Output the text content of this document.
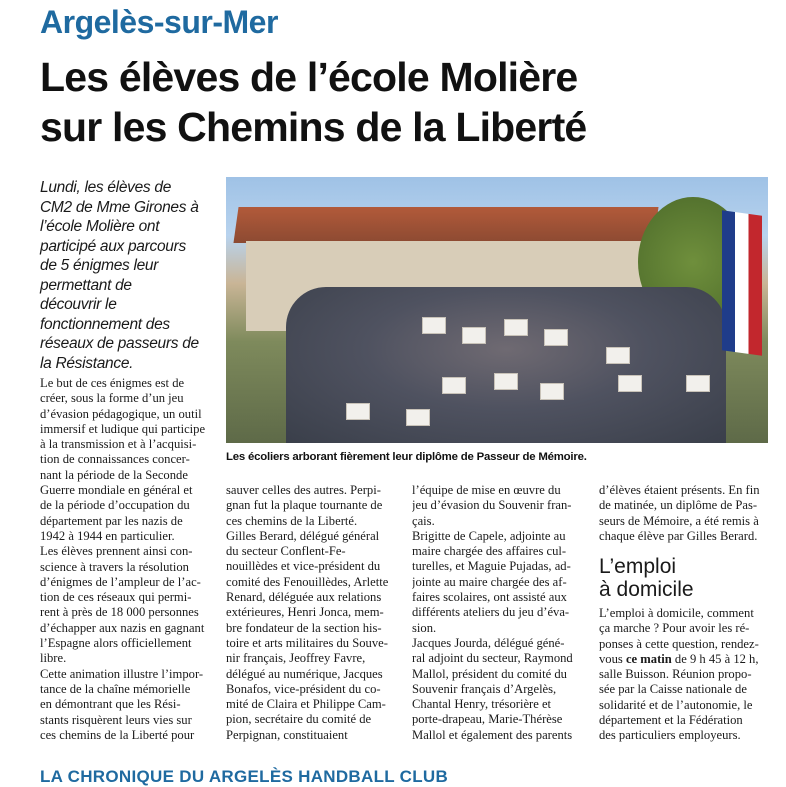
Argelès-sur-Mer
Les élèves de l’école Molière
sur les Chemins de la Liberté
Lundi, les élèves de
CM2 de Mme Girones à
l’école Molière ont
participé aux parcours
de 5 énigmes leur
permettant de
découvrir le
fonctionnement des
réseaux de passeurs de
la Résistance.
Le but de ces énigmes est de
créer, sous la forme d’un jeu
d’évasion pédagogique, un outil
immersif et ludique qui participe
à la transmission et à l’acquisi-
tion de connaissances concer-
nant la période de la Seconde
Guerre mondiale en général et
de la période d’occupation du
département par les nazis de
1942 à 1944 en particulier.
Les élèves prennent ainsi con-
science à travers la résolution
d’énigmes de l’ampleur de l’ac-
tion de ces réseaux qui permi-
rent à près de 18 000 personnes
d’échapper aux nazis en gagnant
l’Espagne alors officiellement
libre.
Cette animation illustre l’impor-
tance de la chaîne mémorielle
en démontrant que les Rési-
stants risquèrent leurs vies sur
ces chemins de la Liberté pour
Les écoliers arborant fièrement leur diplôme de Passeur de Mémoire.
sauver celles des autres. Perpi-
gnan fut la plaque tournante de
ces chemins de la Liberté.
Gilles Berard, délégué général
du secteur Conflent-Fe-
nouillèdes et vice-président du
comité des Fenouillèdes, Arlette
Renard, déléguée aux relations
extérieures, Henri Jonca, mem-
bre fondateur de la section his-
toire et arts militaires du Souve-
nir français, Jeoffrey Favre,
délégué au numérique, Jacques
Bonafos, vice-président du co-
mité de Claira et Philippe Cam-
pion, secrétaire du comité de
Perpignan, constituaient
l’équipe de mise en œuvre du
jeu d’évasion du Souvenir fran-
çais.
Brigitte de Capele, adjointe au
maire chargée des affaires cul-
turelles, et Maguie Pujadas, ad-
jointe au maire chargée des af-
faires scolaires, ont assisté aux
différents ateliers du jeu d’éva-
sion.
Jacques Jourda, délégué géné-
ral adjoint du secteur, Raymond
Mallol, président du comité du
Souvenir français d’Argelès,
Chantal Henry, trésorière et
porte-drapeau, Marie-Thérèse
Mallol et également des parents
d’élèves étaient présents. En fin
de matinée, un diplôme de Pas-
seurs de Mémoire, a été remis à
chaque élève par Gilles Berard.
L’emploi
à domicile
L’emploi à domicile, comment
ça marche ? Pour avoir les ré-
ponses à cette question, rendez-
vous ce matin de 9 h 45 à 12 h,
salle Buisson. Réunion propo-
sée par la Caisse nationale de
solidarité et de l’autonomie, le
département et la Fédération
des particuliers employeurs.
LA CHRONIQUE DU ARGELÈS HANDBALL CLUB
